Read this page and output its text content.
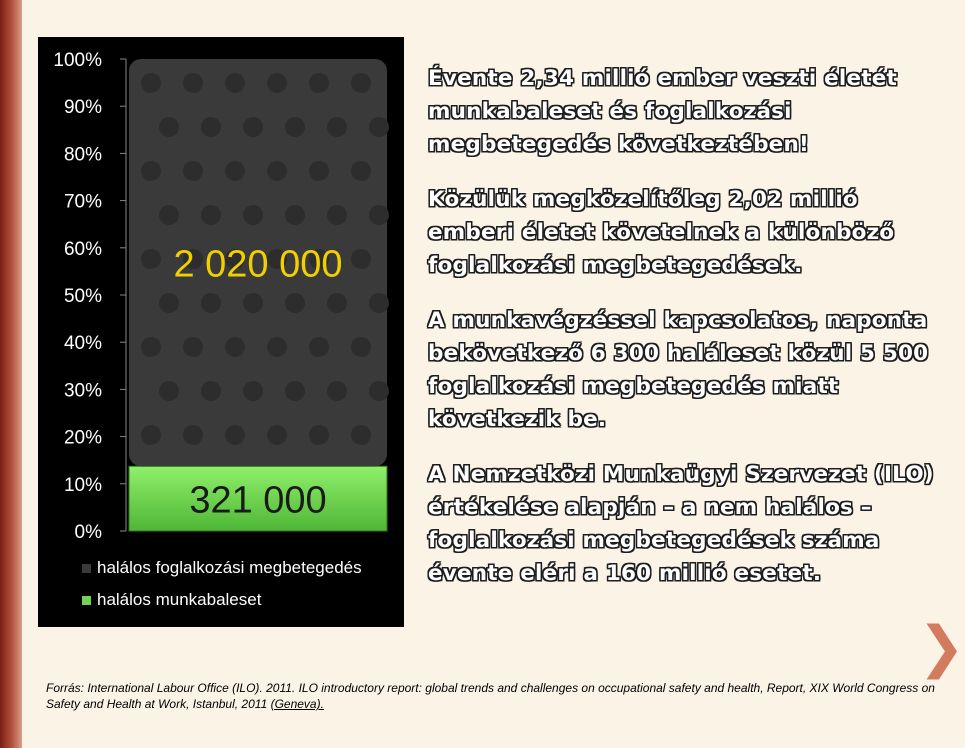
0%
10%
20%
30%
40%
50%
60%
70%
80%
90%
100%
321 000
2 020 000
halálos foglalkozási megbetegedés
halálos munkabaleset

Évente 2,34 millió ember veszti életét munkabaleset és foglalkozási megbetegedés következtében!

Közülük megközelítőleg 2,02 millió emberi életet követelnek a különböző foglalkozási megbetegedések.

A munkavégzéssel kapcsolatos, naponta bekövetkező 6 300 haláleset közül 5 500 foglalkozási megbetegedés miatt következik be.

A Nemzetközi Munkaügyi Szervezet (ILO) értékelése alapján – a nem halálos – foglalkozási megbetegedések száma évente eléri a 160 millió esetet.

❯
Forrás: International Labour Office (ILO). 2011. ILO introductory report: global trends and challenges on occupational safety and health, Report, XIX World Congress on Safety and Health at Work, Istanbul, 2011 (Geneva).
